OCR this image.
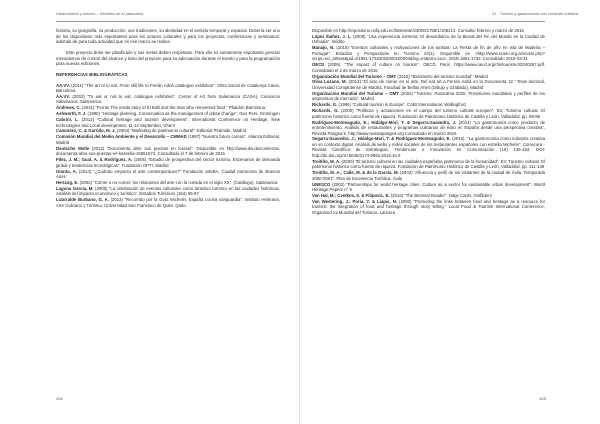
Gastronomía y turismo – Destinos en el panorama

historia, su geografía, su producción, sus tradiciones, su identidad en el sentido temporal y espacial. Debería ser uno de los dispositivos más importantes para los actores culturales y para los proyectos, conferencias y seminarios; además de para toda actividad que en ese marco se realice.

Este proyecto debe ser planificado y sus metas deben respetarse. Para ello es sumamente importante generar mecanismos de control del alcance y éxito del proyecto para su adecuación durante el evento y para la programación para nuevas ediciones.

REFERENCIAS BIBLIOGRÁFICAS

AA.VV. (2011) “The art of to eat. From still life to Ferrán Adrià catalogue exhibition”. Obra Social de Catalunya Caixa, Barcelona

AA.VV. (2002) “To eat or not to eat, catalogue exhibition”. Center of Art from Salamanca (CASA), Consorcio Salamanca, Salamanca

Andrews, C. (2011) “Ferran The inside story of El Bulli and the man who reinvented food.” Phaidon Barcelona

Ashworth, F. J. (1990) “Heritage planning. Conservation as the management of urban change”. Geo Pers, Groningen

Cabrini, L. (2012) “Cultural heritage and tourism development”. International Conference on Heritage, New technologies and Local development, 11-13 September, Ghent

Camarero, C. & Garrido, M. J. (2004) “Marketing de patrimonio cultural”. Editorial Pirámide, Madrid

Comisión Mundial del Medio Ambiente y el Desarrollo – CMMAD (1987) “Nuestro futuro común”. Alianza Editorial, Madrid

Deutsche Welle (2012) “Documenta abre sus puertas en Kassel”. Disponible en http://www.dw.de/comienza-documenta-abre-sus-puertas-en-kassel/a-16061574. Consultado el 7 de febrero de 2016

Fdez, J. M.; Gual, A. & Rodríguez, A. (2005) “Estudio de prospectiva del sector turismo. Escenarios de demanda global y tendencias tecnológicas”. Fundación OPTI, Madrid

Giunta, A. (2014) “¿Cuándo empieza el arte contemporáneo?” Fundación arteBA, Ciudad Autónoma de Buenos Aires

Hertzog, E. (2002) “Comer o no comer: los relaciones del arte con la comida en el siglo XX”. (Catálogo). Salamanca

Laguna García, M. (2005) “La celebración de eventos culturales como atractivo turístico en las ciudades históricas. Análisis del impacto económico y turístico”. Estudios Turísticos (164) 65-97

Lizarralde Burbano, G. A. (2013) “Recorrido por la Guía Michelin, España cocina vanguardia”. Instituto Heleraria, Arte Culinario y Turismo, Universidad San Francisco de Quito. Quito.

406
21 - Turismo y gastronomía con vocación creativa

Disponible en http://repositorio.usfq.edu.ec/bitstream/23000/1758/1/106414. Consulta: febrero y marzo de 2016

López Ibáñez, J. L. (2008) “Una experiencia extrema: El desembarco de la Bienal del Fin del Mundo en la Ciudad de Ushuaia”. Inédito.

Manajo, N. (2015) “Eventos culturales y motivaciones de los turistas: La Fiesta de fin de año en Isla de Madeira – Portugal”. Estudios y Perspectivas en Turismo 24(1). Disponible en <http://www.scielo.org.ar/scielo.php?script=sci_arttext&pid=S1851-17322015000100003&lng=es&nrm=iso>. ISSN 1851-1732. Consultado 2016-03-21

OECD (2009). “The impact of culture on tourism”. OECD, Paris. https://www.oecd.org/cfe/tourism/42040287.pdf. Consultado el 2 de marzo de 2016

Organización Mundial del Turismo – OMT (2015) “Barómetro del turismo mundial”. Madrid

Oliva Lozano, M. (2013) “El acto de comer en el arte. Del eat art a Ferran Adrià en la Documenta 12.” Tesis doctoral, Universidad Complutense de Madrid, Facultad de Bellas Artes (Dibujo y Grabado), Madrid

Organización Mundial del Turismo – OMT (2002) “Turismo: Panorama 2020. Previsiones mundiales y perfiles de los segmentos de mercado”. Madrid

Richards, G. (1996) “Cultural tourism in Europe”. CABI International, Wallingford

Richards, G. (2000) “Políticas y actuaciones en el campo del turismo cultural europeo”. En: Turismo cultural. El patrimonio histórico como fuente de riqueza. Fundación de Patrimonio Histórico de Castilla y León, Valladolid, pp. 69-96

Rodríguez-Monteagudo, E.; Hidalgo-Mori, T. & Segarra-Saavedra, J. (2014) “La gastronomía como producto de entretenimiento. Análisis de restaurantes y programas culinarios de éxito en España desde una perspectiva creativa”. Revista Pangea 5. http://www.revistapangea.org Consultado en marzo 2016

Segarra-Saavedra, J.; Hidalgo-Mari, T. & Rodríguez-Monteagudo, E. (2016). “La gastronomía como industria creativa en un contexto digital. Análisis de webs y redes sociales de los restaurantes españoles con estrella Michelín”. Comunica - Revista Científica de Estrategias, Tendencias e Innovación en Comunicación (10) 135-154. DOI: http://dx.doi.org/10.6035/2174-0992.2016.10.9

Troitiño, M. A. (2000) “El turismo cultural en las ciudades españolas patrimonio de la humanidad”. En: Turismo cultural. El patrimonio histórico como fuente de riqueza. Fundación de Patrimonio Histórico de Castilla y León, Valladolid, pp. 111-138

Troitiño, M. A.; Calle, M. & de la García, M. (2002) “Afluencia y perfil de los visitantes de la ciudad de Ávila. Temporada 2000-2001”. Plan de Excelencia Turística, Ávila

UNESCO (2002) “Partnerships for world heritage cities. Culture as a vector for sustainable urban development”. World Heritage Papers n° 9

Van Hal, M.; Cvetkov, S. & Filipovic, E. (2016) “The Biennial Reader”. Hatje Cantz, Ostfildern

Van Westering, J.; Poria, Y. & Liapis, N. (2000) “Promoting the links between food and heritage as a resource for tourism: the integration of food and heritage through story telling.” Local Food & Tourism International Conference, Organized Ioi Mundial del Turismo, Larnaca

405
